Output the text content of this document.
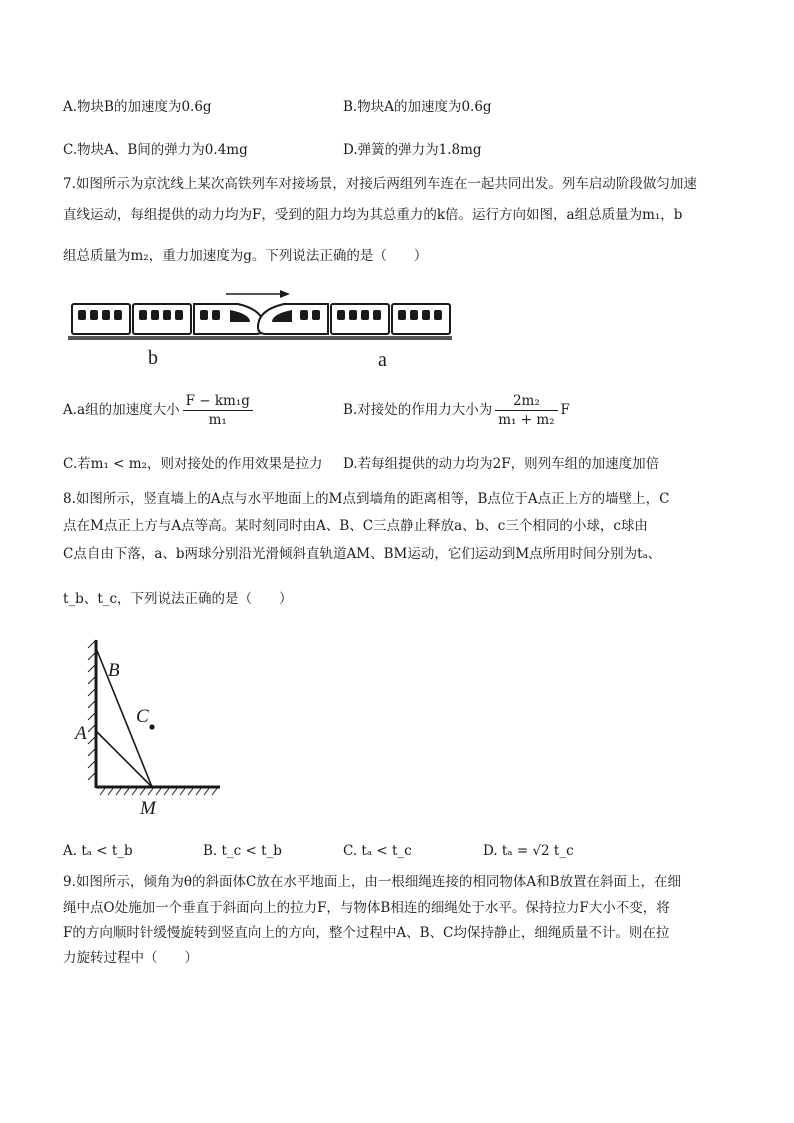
A.物块B的加速度为0.6g	B.物块A的加速度为0.6g
C.物块A、B间的弹力为0.4mg	D.弹簧的弹力为1.8mg
7.如图所示为京沈线上某次高铁列车对接场景，对接后两组列车连在一起共同出发。列车启动阶段做匀加速
直线运动，每组提供的动力均为F，受到的阻力均为其总重力的k倍。运行方向如图，a组总质量为m₁，b
组总质量为m₂，重力加速度为g。下列说法正确的是（　　）
b	a
A.a组的加速度大小 $\frac{\text{F − km₁g}}{\text{m₁}}$	B.对接处的作用力大小为 $\frac{\text{2m₂}}{\text{m₁ + m₂}}$ F
C.若m₁ < m₂，则对接处的作用效果是拉力 D.若每组提供的动力均为2F，则列车组的加速度加倍
8.如图所示，竖直墙上的A点与水平地面上的M点到墙角的距离相等，B点位于A点正上方的墙壁上，C
点在M点正上方与A点等高。某时刻同时由A、B、C三点静止释放a、b、c三个相同的小球，c球由
C点自由下落，a、b两球分别沿光滑倾斜直轨道AM、BM运动，它们运动到M点所用时间分别为tₐ、
t_b、t_c，下列说法正确的是（　　）
B
C
A
M
A. tₐ < t_b	B. t_c < t_b	C. tₐ < t_c	D. tₐ = √2 t_c
9.如图所示，倾角为θ的斜面体C放在水平地面上，由一根细绳连接的相同物体A和B放置在斜面上，在细
绳中点O处施加一个垂直于斜面向上的拉力F，与物体B相连的细绳处于水平。保持拉力F大小不变，将
F的方向顺时针缓慢旋转到竖直向上的方向，整个过程中A、B、C均保持静止，细绳质量不计。则在拉
力旋转过程中（　　）
